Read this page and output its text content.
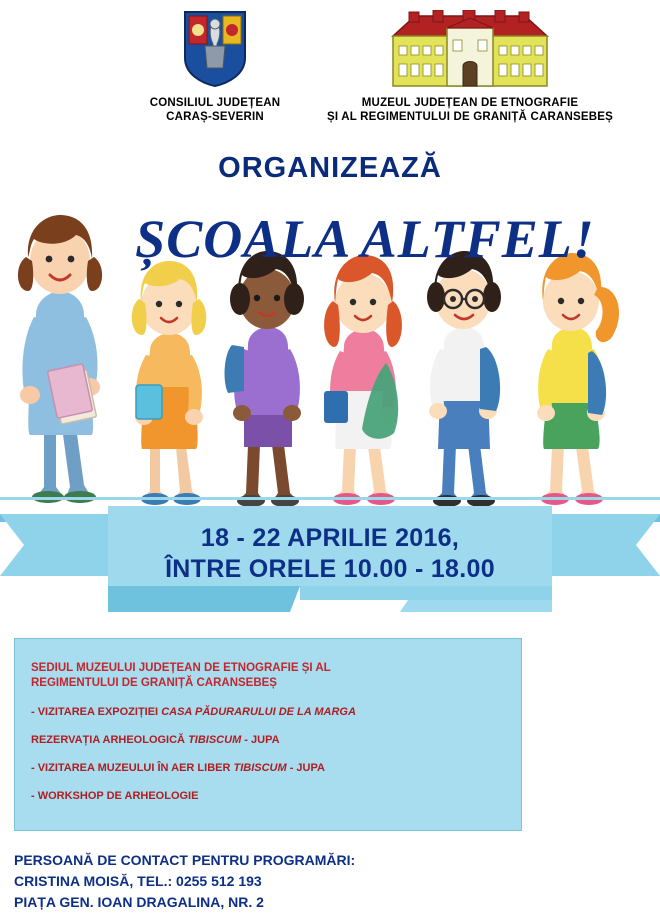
CONSILIUL JUDEȚEAN
CARAȘ-SEVERIN
MUZEUL JUDEȚEAN DE ETNOGRAFIE
ȘI AL REGIMENTULUI DE GRANIȚĂ CARANSEBEȘ
ORGANIZEAZĂ
ȘCOALA ALTFEL!
18 - 22 APRILIE 2016,
ÎNTRE ORELE 10.00 - 18.00
SEDIUL MUZEULUI JUDEȚEAN DE ETNOGRAFIE ȘI AL
REGIMENTULUI DE GRANIȚĂ CARANSEBEȘ
- VIZITAREA EXPOZIȚIEI CASA PĂDURARULUI DE LA MARGA
REZERVAȚIA ARHEOLOGICĂ TIBISCUM - JUPA
- VIZITAREA MUZEULUI ÎN AER LIBER TIBISCUM - JUPA
- WORKSHOP DE ARHEOLOGIE
PERSOANĂ DE CONTACT PENTRU PROGRAMĂRI:
CRISTINA MOISĂ, TEL.: 0255 512 193
PIAȚA GEN. IOAN DRAGALINA, NR. 2
